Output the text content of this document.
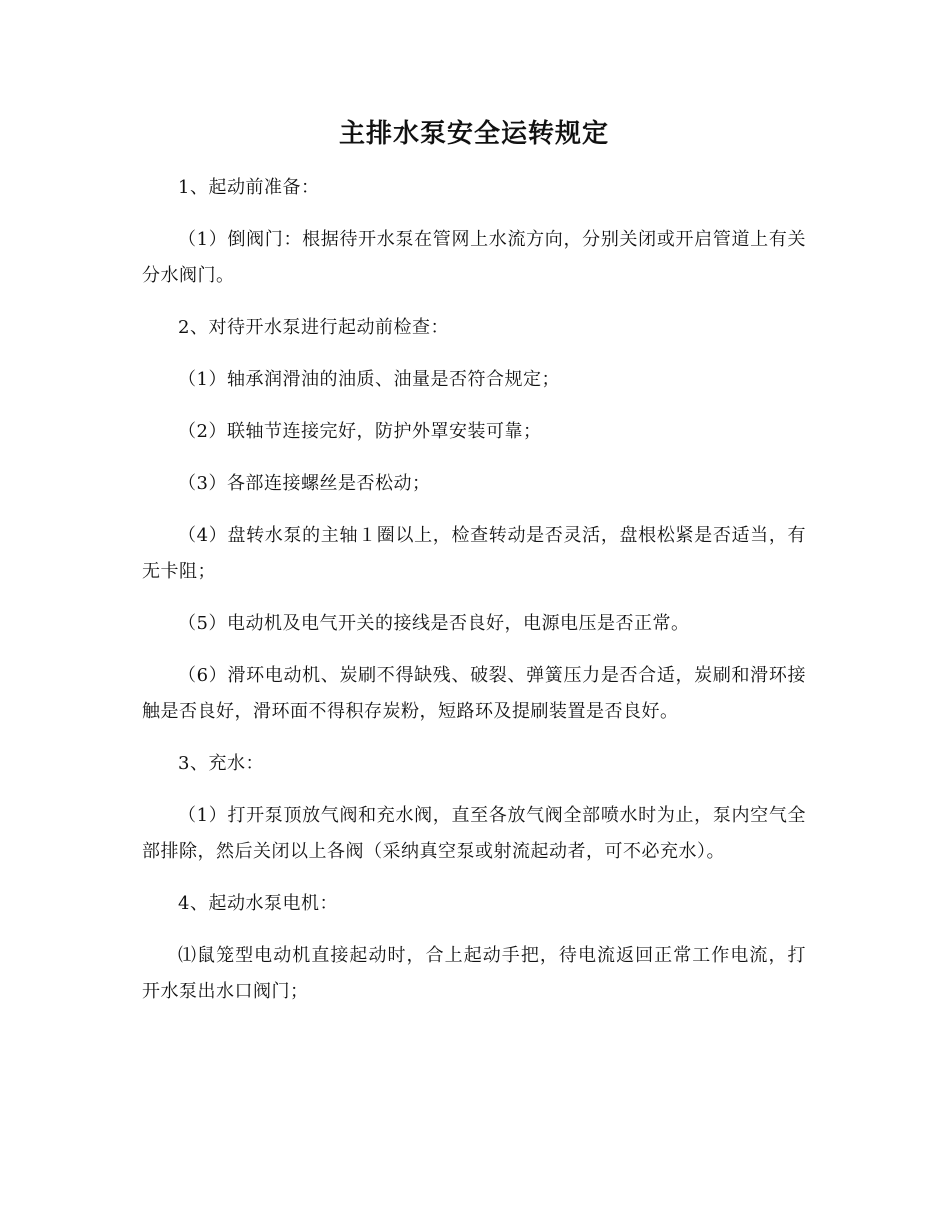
主排水泵安全运转规定

1、起动前准备：

（1）倒阀门：根据待开水泵在管网上水流方向，分别关闭或开启管道上有关分水阀门。

2、对待开水泵进行起动前检查：

（1）轴承润滑油的油质、油量是否符合规定；

（2）联轴节连接完好，防护外罩安装可靠；

（3）各部连接螺丝是否松动；

（4）盘转水泵的主轴１圈以上，检查转动是否灵活，盘根松紧是否适当，有无卡阻；

（5）电动机及电气开关的接线是否良好，电源电压是否正常。

（6）滑环电动机、炭刷不得缺残、破裂、弹簧压力是否合适，炭刷和滑环接触是否良好，滑环面不得积存炭粉，短路环及提刷装置是否良好。

3、充水：

（1）打开泵顶放气阀和充水阀，直至各放气阀全部喷水时为止，泵内空气全部排除，然后关闭以上各阀（采纳真空泵或射流起动者，可不必充水）。

4、起动水泵电机：

⑴鼠笼型电动机直接起动时，合上起动手把，待电流返回正常工作电流，打开水泵出水口阀门；
